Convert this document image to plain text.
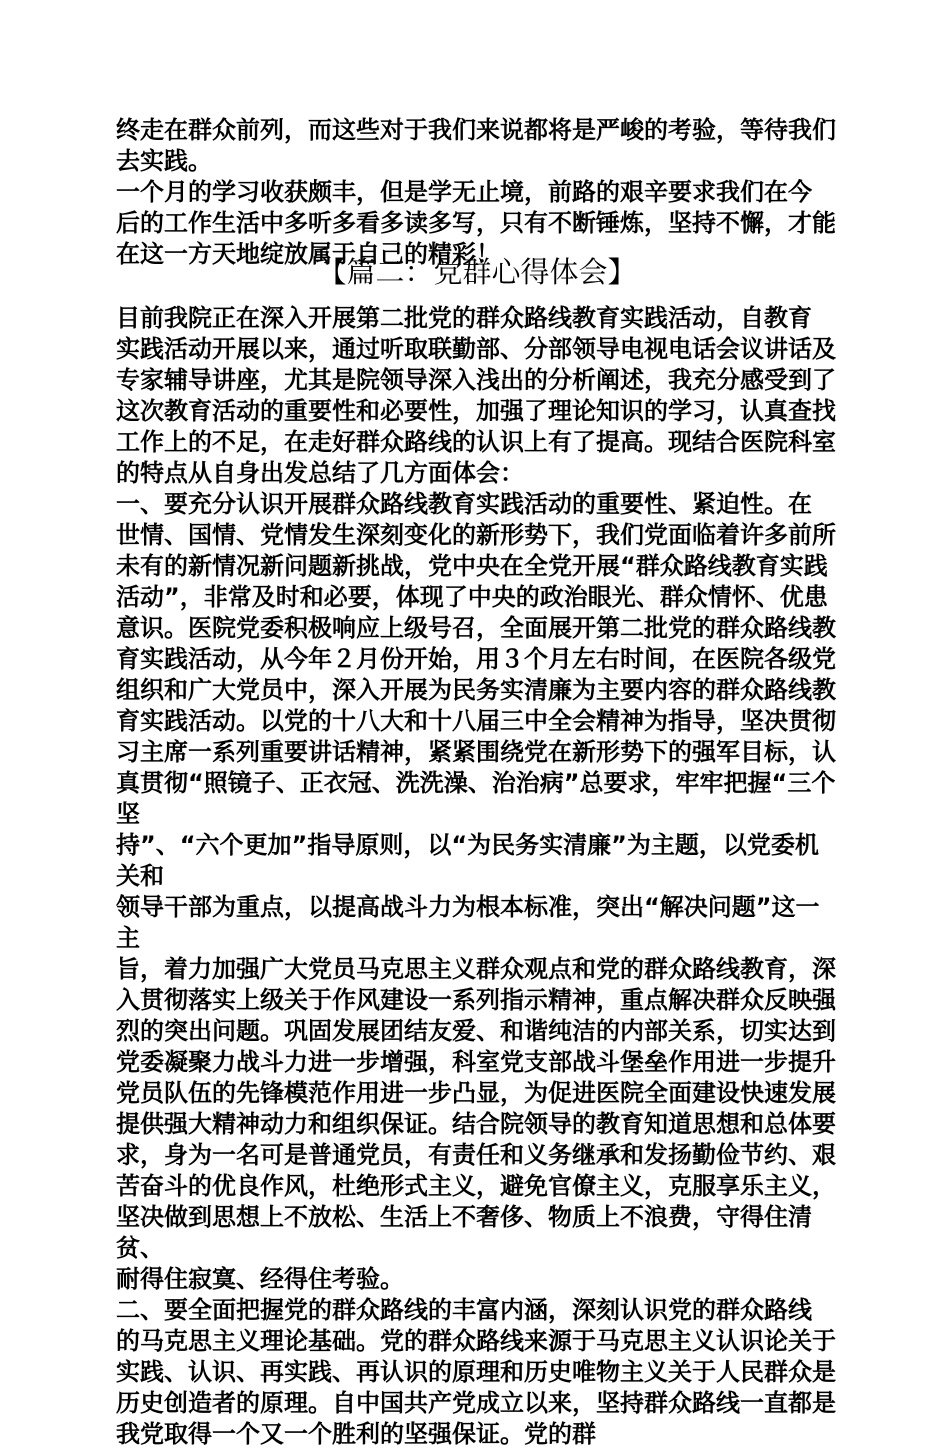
终走在群众前列，而这些对于我们来说都将是严峻的考验，等待我们
去实践。
一个月的学习收获颇丰，但是学无止境，前路的艰辛要求我们在今
后的工作生活中多听多看多读多写，只有不断锤炼，坚持不懈，才能
在这一方天地绽放属于自己的精彩！

【篇二：党群心得体会】

目前我院正在深入开展第二批党的群众路线教育实践活动，自教育
实践活动开展以来，通过听取联勤部、分部领导电视电话会议讲话及
专家辅导讲座，尤其是院领导深入浅出的分析阐述，我充分感受到了
这次教育活动的重要性和必要性，加强了理论知识的学习，认真查找
工作上的不足，在走好群众路线的认识上有了提高。现结合医院科室
的特点从自身出发总结了几方面体会：
一、要充分认识开展群众路线教育实践活动的重要性、紧迫性。在
世情、国情、党情发生深刻变化的新形势下，我们党面临着许多前所
未有的新情况新问题新挑战，党中央在全党开展“群众路线教育实践
活动”，非常及时和必要，体现了中央的政治眼光、群众情怀、优患
意识。医院党委积极响应上级号召，全面展开第二批党的群众路线教
育实践活动，从今年２月份开始，用３个月左右时间，在医院各级党
组织和广大党员中，深入开展为民务实清廉为主要内容的群众路线教
育实践活动。以党的十八大和十八届三中全会精神为指导，坚决贯彻
习主席一系列重要讲话精神，紧紧围绕党在新形势下的强军目标，认
真贯彻“照镜子、正衣冠、洗洗澡、治治病”总要求，牢牢把握“三个坚
持”、“六个更加”指导原则，以“为民务实清廉”为主题，以党委机关和
领导干部为重点，以提高战斗力为根本标准，突出“解决问题”这一主
旨，着力加强广大党员马克思主义群众观点和党的群众路线教育，深
入贯彻落实上级关于作风建设一系列指示精神，重点解决群众反映强
烈的突出问题。巩固发展团结友爱、和谐纯洁的内部关系，切实达到
党委凝聚力战斗力进一步增强，科室党支部战斗堡垒作用进一步提升
党员队伍的先锋模范作用进一步凸显，为促进医院全面建设快速发展
提供强大精神动力和组织保证。结合院领导的教育知道思想和总体要
求，身为一名可是普通党员，有责任和义务继承和发扬勤俭节约、艰
苦奋斗的优良作风，杜绝形式主义，避免官僚主义，克服享乐主义，
坚决做到思想上不放松、生活上不奢侈、物质上不浪费，守得住清贫、
耐得住寂寞、经得住考验。
二、要全面把握党的群众路线的丰富内涵，深刻认识党的群众路线
的马克思主义理论基础。党的群众路线来源于马克思主义认识论关于
实践、认识、再实践、再认识的原理和历史唯物主义关于人民群众是
历史创造者的原理。自中国共产党成立以来，坚持群众路线一直都是
我党取得一个又一个胜利的坚强保证。党的群
